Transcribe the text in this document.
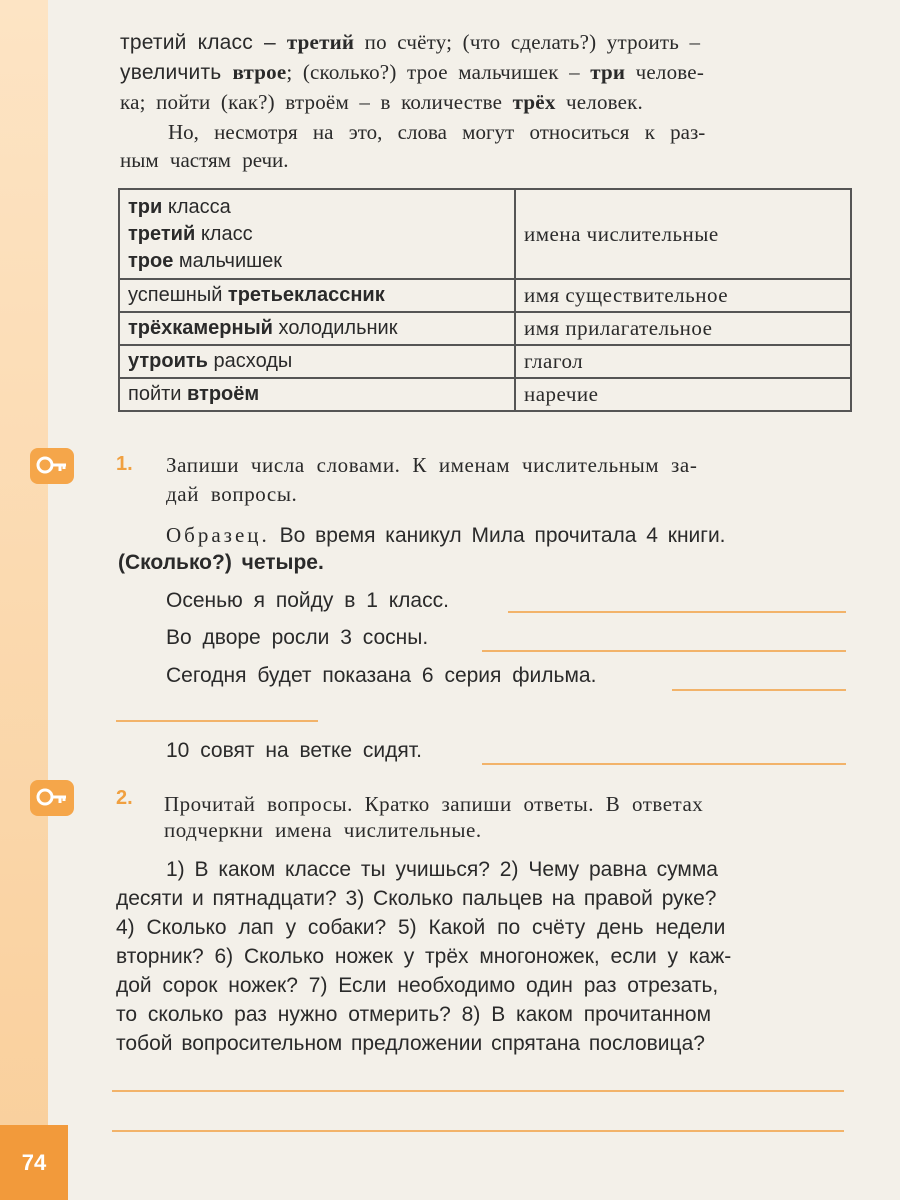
74
третий класс – третий по счёту; (что сделать?) утроить –
увеличить втрое; (сколько?) трое мальчишек – три челове-
ка; пойти (как?) втроём – в количестве трёх человек.
Но, несмотря на это, слова могут относиться к раз-
ным частям речи.
три класса
третий класс
трое мальчишек	имена числительные
успешный третьеклассник	имя существительное
трёхкамерный холодильник	имя прилагательное
утроить расходы	глагол
пойти втроём	наречие
1. Запиши числа словами. К именам числительным за-
дай вопросы.
Образец. Во время каникул Мила прочитала 4 книги.
(Сколько?) четыре.
Осенью я пойду в 1 класс.
Во дворе росли 3 сосны.
Сегодня будет показана 6 серия фильма.
10 совят на ветке сидят.
2. Прочитай вопросы. Кратко запиши ответы. В ответах
подчеркни имена числительные.
1) В каком классе ты учишься? 2) Чему равна сумма
десяти и пятнадцати? 3) Сколько пальцев на правой руке?
4) Сколько лап у собаки? 5) Какой по счёту день недели
вторник? 6) Сколько ножек у трёх многоножек, если у каж-
дой сорок ножек? 7) Если необходимо один раз отрезать,
то сколько раз нужно отмерить? 8) В каком прочитанном
тобой вопросительном предложении спрятана пословица?
